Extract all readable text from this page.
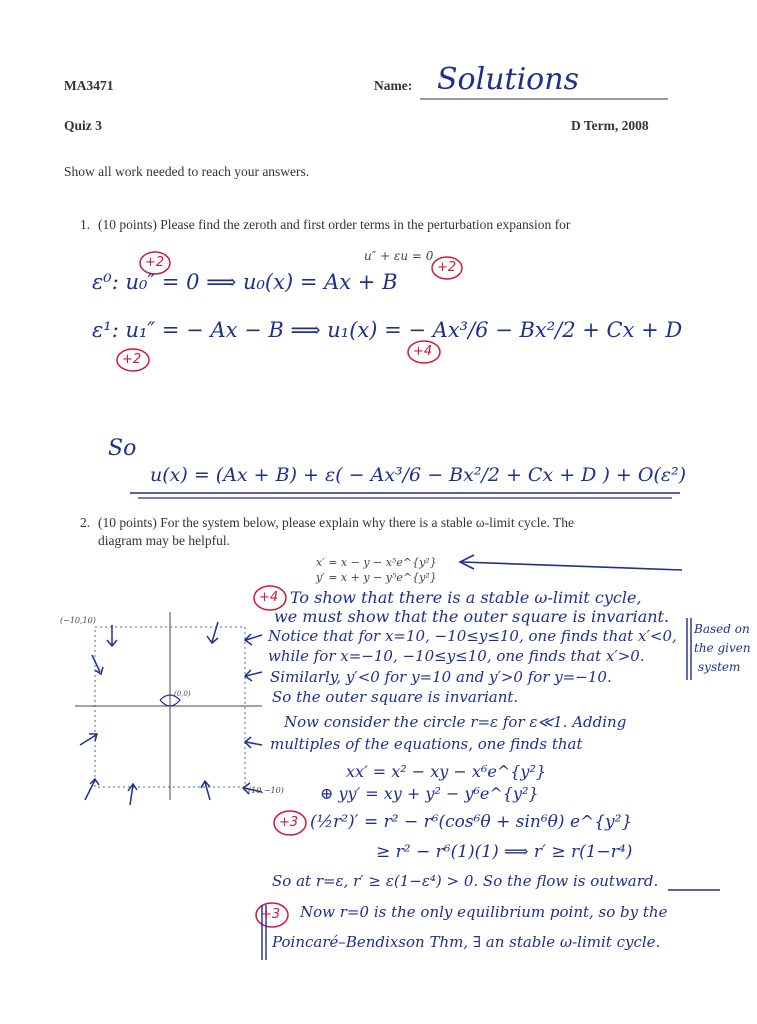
MA3471	Name: Solutions
Quiz 3	D Term, 2008
Show all work needed to reach your answers.
1. (10 points) Please find the zeroth and first order terms in the perturbation expansion for
u″ + εu = 0
+2	+2
ε⁰: u₀″ = 0 ⟹ u₀(x) = Ax + B
ε¹: u₁″ = − Ax − B ⟹ u₁(x) = − Ax³/6 − Bx²/2 + Cx + D
+2
+4
So
u(x) = (Ax + B) + ε( − Ax³/6 − Bx²/2 + Cx + D ) + O(ε²)
2. (10 points) For the system below, please explain why there is a stable ω-limit cycle. The
diagram may be helpful.
x′ = x − y − x⁵e^{y²}
y′ = x + y − y⁵e^{y²}
(−10,10)
(10,−10)
(0,0)
+4 To show that there is a stable ω-limit cycle,
we must show that the outer square is invariant.
Notice that for x=10, −10≤y≤10, one finds that x′<0,
while for x=−10, −10≤y≤10, one finds that x′>0.
Similarly, y′<0 for y=10 and y′>0 for y=−10.
So the outer square is invariant.
Now consider the circle r=ε for ε≪1. Adding
multiples of the equations, one finds that
xx′ = x² − xy − x⁶e^{y²}
⊕ yy′ = xy + y² − y⁶e^{y²}
+3 (½r²)′ = r² − r⁶(cos⁶θ + sin⁶θ) e^{y²}
≥ r² − r⁶(1)(1) ⟹ r′ ≥ r(1−r⁴)
So at r=ε, r′ ≥ ε(1−ε⁴) > 0. So the flow is outward.
+3 Now r=0 is the only equilibrium point, so by the
Poincaré–Bendixson Thm, ∃ an stable ω-limit cycle.
Based on
the given
system
